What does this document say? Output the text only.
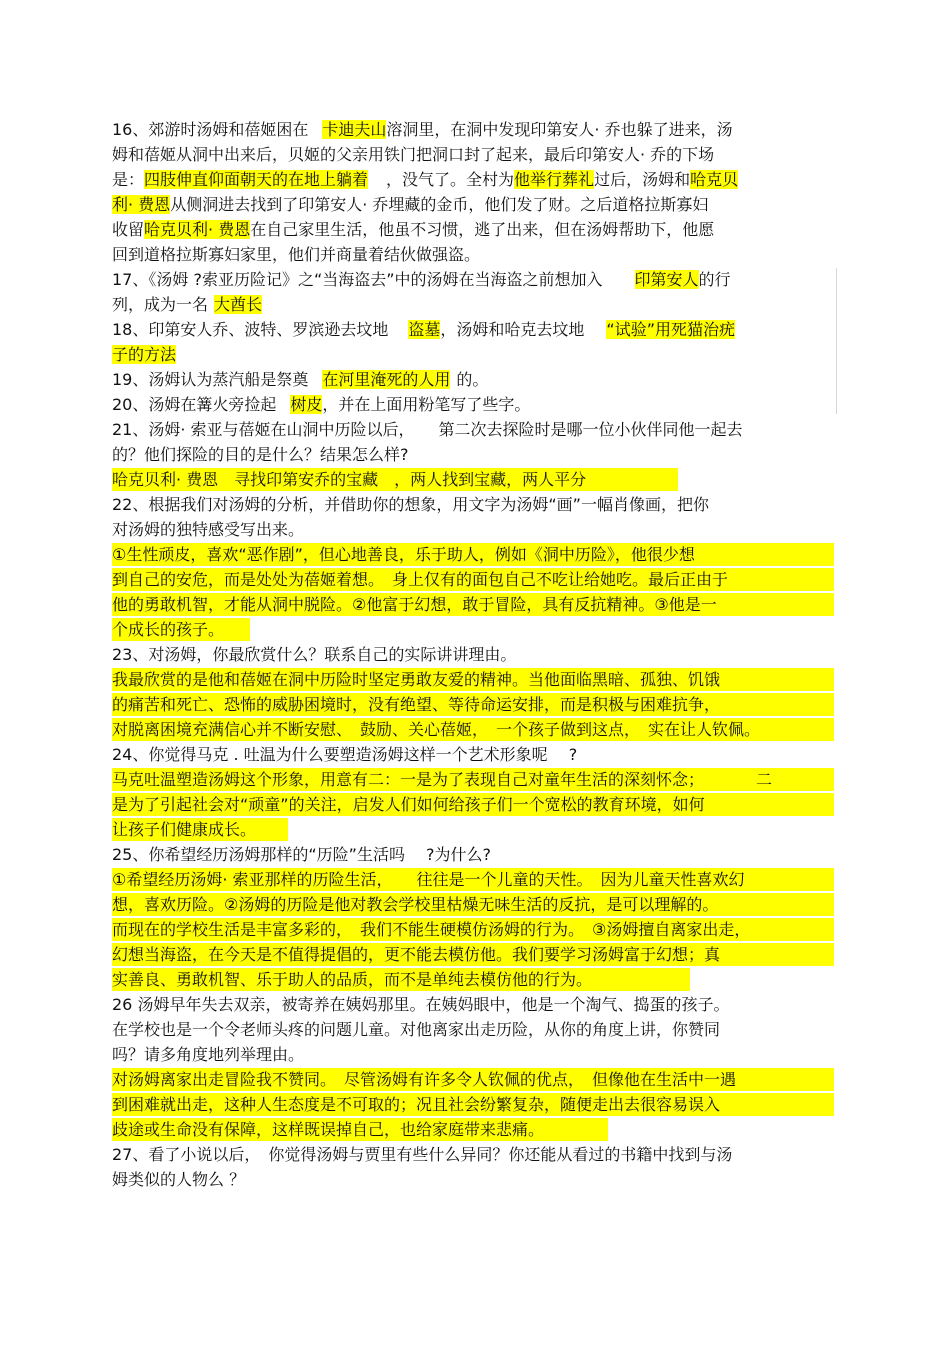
16、郊游时汤姆和蓓姬困在 卡迪夫山溶洞里，在洞中发现印第安人· 乔也躲了进来，汤
姆和蓓姬从洞中出来后，贝姬的父亲用铁门把洞口封了起来，最后印第安人· 乔的下场
是：四肢伸直仰面朝天的在地上躺着 ，没气了。全村为他举行葬礼过后，汤姆和哈克贝
利· 费恩从侧洞进去找到了印第安人· 乔埋藏的金币，他们发了财。之后道格拉斯寡妇
收留哈克贝利· 费恩在自己家里生活，他虽不习惯，逃了出来，但在汤姆帮助下，他愿
回到道格拉斯寡妇家里，他们并商量着结伙做强盗。
17、《汤姆 ?索亚历险记》之“当海盗去”中的汤姆在当海盗之前想加入 印第安人的行
列，成为一名 大酋长
18、印第安人乔、波特、罗滨逊去坟地 盗墓，汤姆和哈克去坟地 “试验”用死猫治疣
子的方法
19、汤姆认为蒸汽船是祭奠 在河里淹死的人用 的。
20、汤姆在篝火旁捡起 树皮，并在上面用粉笔写了些字。
21、汤姆· 索亚与蓓姬在山洞中历险以后，　　第二次去探险时是哪一位小伙伴同他一起去
的？他们探险的目的是什么？结果怎么样?
哈克贝利· 费恩　寻找印第安乔的宝藏　，两人找到宝藏，两人平分
22、根据我们对汤姆的分析，并借助你的想象，用文字为汤姆“画”一幅肖像画，把你
对汤姆的独特感受写出来。
①生性顽皮，喜欢“恶作剧”，但心地善良，乐于助人，例如《洞中历险》，他很少想
到自己的安危，而是处处为蓓姬着想。　身上仅有的面包自己不吃让给她吃。最后正由于
他的勇敢机智，才能从洞中脱险。②他富于幻想，敢于冒险，具有反抗精神。③他是一
个成长的孩子。
23、对汤姆，你最欣赏什么？联系自己的实际讲讲理由。
我最欣赏的是他和蓓姬在洞中历险时坚定勇敢友爱的精神。当他面临黑暗、孤独、饥饿
的痛苦和死亡、恐怖的威胁困境时，没有绝望、等待命运安排，而是积极与困难抗争，
对脱离困境充满信心并不断安慰、　鼓励、关心蓓姬，　一个孩子做到这点，　实在让人钦佩。
24、你觉得马克 . 吐温为什么要塑造汤姆这样一个艺术形象呢　 ?
马克吐温塑造汤姆这个形象，用意有二：一是为了表现自己对童年生活的深刻怀念；	二
是为了引起社会对“顽童”的关注，启发人们如何给孩子们一个宽松的教育环境，如何
让孩子们健康成长。
25、你希望经历汤姆那样的“历险”生活吗　 ?为什么?
①希望经历汤姆· 索亚那样的历险生活，　　往往是一个儿童的天性。　因为儿童天性喜欢幻
想，喜欢历险。②汤姆的历险是他对教会学校里枯燥无味生活的反抗，是可以理解的。
而现在的学校生活是丰富多彩的，　我们不能生硬模仿汤姆的行为。　③汤姆擅自离家出走，
幻想当海盗，在今天是不值得提倡的，更不能去模仿他。我们要学习汤姆富于幻想；真
实善良、勇敢机智、乐于助人的品质，而不是单纯去模仿他的行为。
26 汤姆早年失去双亲，被寄养在姨妈那里。在姨妈眼中，他是一个淘气、捣蛋的孩子。
在学校也是一个令老师头疼的问题儿童。对他离家出走历险，从你的角度上讲，你赞同
吗？请多角度地列举理由。
对汤姆离家出走冒险我不赞同。　尽管汤姆有许多令人钦佩的优点，　但像他在生活中一遇
到困难就出走，这种人生态度是不可取的；况且社会纷繁复杂，随便走出去很容易误入
歧途或生命没有保障，这样既误掉自己，也给家庭带来悲痛。
27、看了小说以后，　你觉得汤姆与贾里有些什么异同？你还能从看过的书籍中找到与汤
姆类似的人物么 ？
